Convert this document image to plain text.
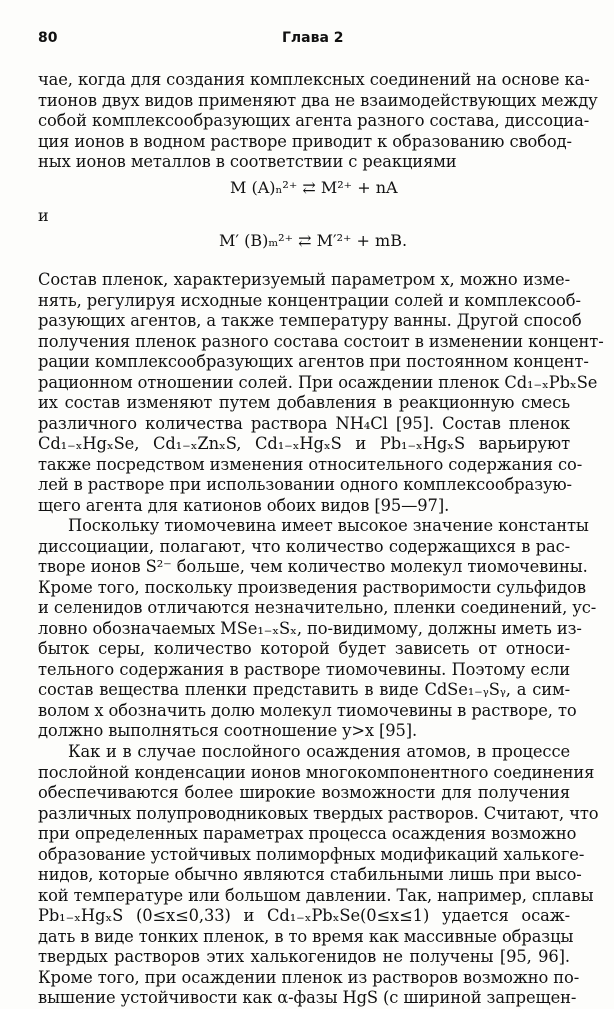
80	Глава 2
чае, когда для создания комплексных соединений на основе ка-
тионов двух видов применяют два не взаимодействующих между
собой комплексообразующих агента разного состава, диссоциа-
ция ионов в водном растворе приводит к образованию свобод-
ных ионов металлов в соответствии с реакциями
M (A)ₙ²⁺ ⇄ M²⁺ + nA
и
M′ (B)ₘ²⁺ ⇄ M′²⁺ + mB.
Состав пленок, характеризуемый параметром x, можно изме-
нять, регулируя исходные концентрации солей и комплексооб-
разующих агентов, а также температуру ванны. Другой способ
получения пленок разного состава состоит в изменении концент-
рации комплексообразующих агентов при постоянном концент-
рационном отношении солей. При осаждении пленок Cd₁₋ₓPbₓSe
их состав изменяют путем добавления в реакционную смесь
различного количества раствора NH₄Cl [95]. Состав пленок
Cd₁₋ₓHgₓSe, Cd₁₋ₓZnₓS, Cd₁₋ₓHgₓS и Pb₁₋ₓHgₓS варьируют
также посредством изменения относительного содержания со-
лей в растворе при использовании одного комплексообразую-
щего агента для катионов обоих видов [95—97].
Поскольку тиомочевина имеет высокое значение константы
диссоциации, полагают, что количество содержащихся в рас-
творе ионов S²⁻ больше, чем количество молекул тиомочевины.
Кроме того, поскольку произведения растворимости сульфидов
и селенидов отличаются незначительно, пленки соединений, ус-
ловно обозначаемых MSe₁₋ₓSₓ, по-видимому, должны иметь из-
быток серы, количество которой будет зависеть от относи-
тельного содержания в растворе тиомочевины. Поэтому если
состав вещества пленки представить в виде CdSe₁₋ᵧSᵧ, а сим-
волом x обозначить долю молекул тиомочевины в растворе, то
должно выполняться соотношение y>x [95].
Как и в случае послойного осаждения атомов, в процессе
послойной конденсации ионов многокомпонентного соединения
обеспечиваются более широкие возможности для получения
различных полупроводниковых твердых растворов. Считают, что
при определенных параметрах процесса осаждения возможно
образование устойчивых полиморфных модификаций халькоге-
нидов, которые обычно являются стабильными лишь при высо-
кой температуре или большом давлении. Так, например, сплавы
Pb₁₋ₓHgₓS (0≤x≤0,33) и Cd₁₋ₓPbₓSe(0≤x≤1) удается осаж-
дать в виде тонких пленок, в то время как массивные образцы
твердых растворов этих халькогенидов не получены [95, 96].
Кроме того, при осаждении пленок из растворов возможно по-
вышение устойчивости как α-фазы HgS (с шириной запрещен-
